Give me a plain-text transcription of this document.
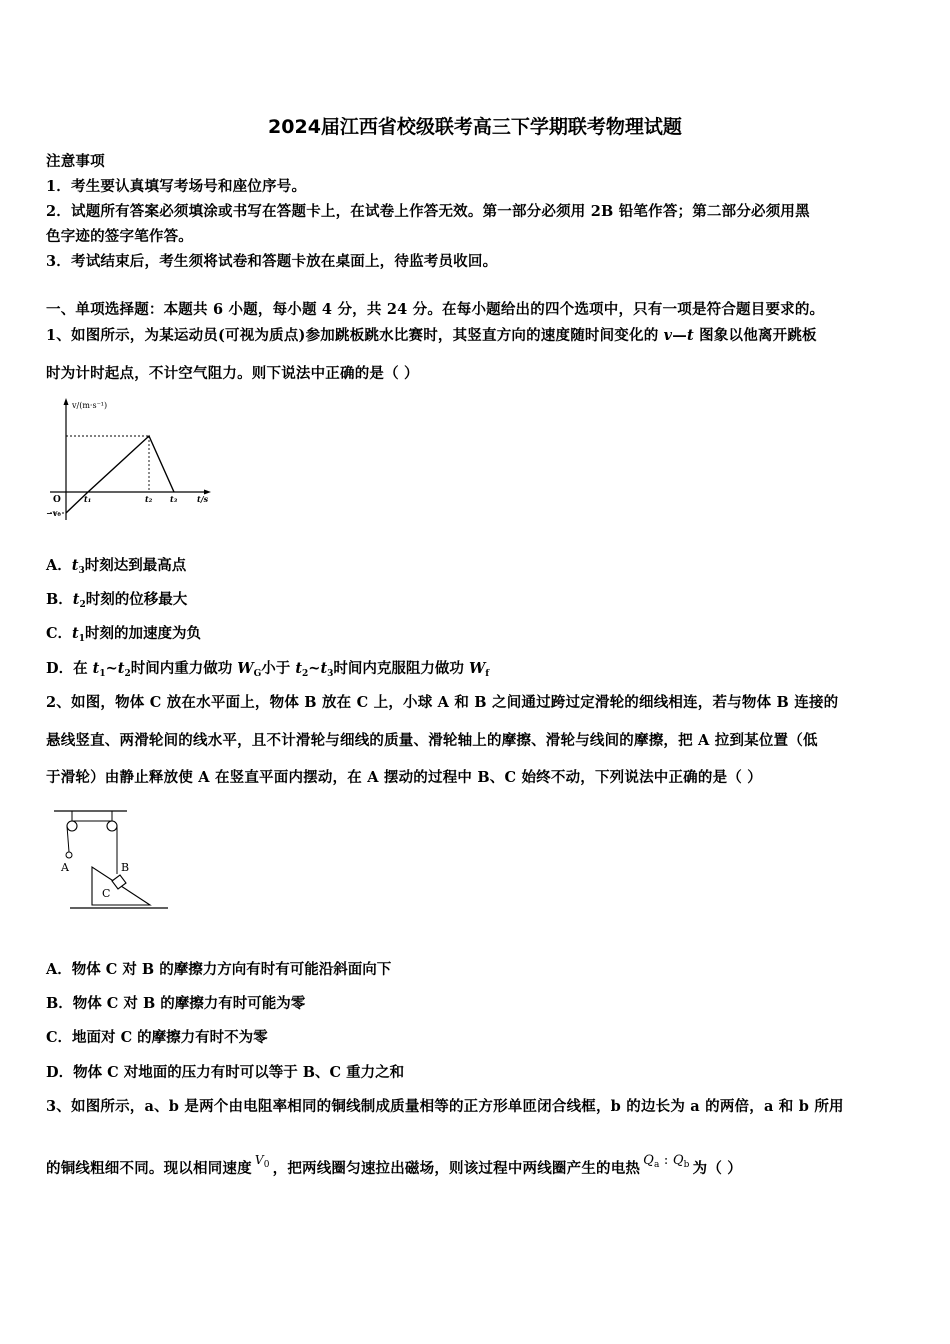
2024届江西省校级联考高三下学期联考物理试题
注意事项
1．考生要认真填写考场号和座位序号。
2．试题所有答案必须填涂或书写在答题卡上，在试卷上作答无效。第一部分必须用 2B 铅笔作答；第二部分必须用黑
色字迹的签字笔作答。
3．考试结束后，考生须将试卷和答题卡放在桌面上，待监考员收回。
一、单项选择题：本题共 6 小题，每小题 4 分，共 24 分。在每小题给出的四个选项中，只有一项是符合题目要求的。
1、如图所示，为某运动员(可视为质点)参加跳板跳水比赛时，其竖直方向的速度随时间变化的 v—t 图象以他离开跳板
时为计时起点，不计空气阻力。则下说法中正确的是（ ）
v/(m·s⁻¹)
O
−v₀
t₁	t₂ t₃ t/s
A．$t_3$时刻达到最高点
B．$t_2$时刻的位移最大
C．$t_1$时刻的加速度为负
D．在 $t_1\sim t_2$时间内重力做功 $W_G$小于 $t_2\sim t_3$时间内克服阻力做功 $W_f$
2、如图，物体 C 放在水平面上，物体 B 放在 C 上，小球 A 和 B 之间通过跨过定滑轮的细线相连，若与物体 B 连接的
悬线竖直、两滑轮间的线水平，且不计滑轮与细线的质量、滑轮轴上的摩擦、滑轮与线间的摩擦，把 A 拉到某位置（低
于滑轮）由静止释放使 A 在竖直平面内摆动，在 A 摆动的过程中 B、C 始终不动，下列说法中正确的是（ ）
A	B
C
A．物体 C 对 B 的摩擦力方向有时有可能沿斜面向下
B．物体 C 对 B 的摩擦力有时可能为零
C．地面对 C 的摩擦力有时不为零
D．物体 C 对地面的压力有时可以等于 B、C 重力之和
3、如图所示，a、b 是两个由电阻率相同的铜线制成质量相等的正方形单匝闭合线框，b 的边长为 a 的两倍，a 和 b 所用
的铜线粗细不同。现以相同速度 $^{V_0}$ ，把两线圈匀速拉出磁场，则该过程中两线圈产生的电热 $Q_a$ : $Q_b$ 为（ ）
